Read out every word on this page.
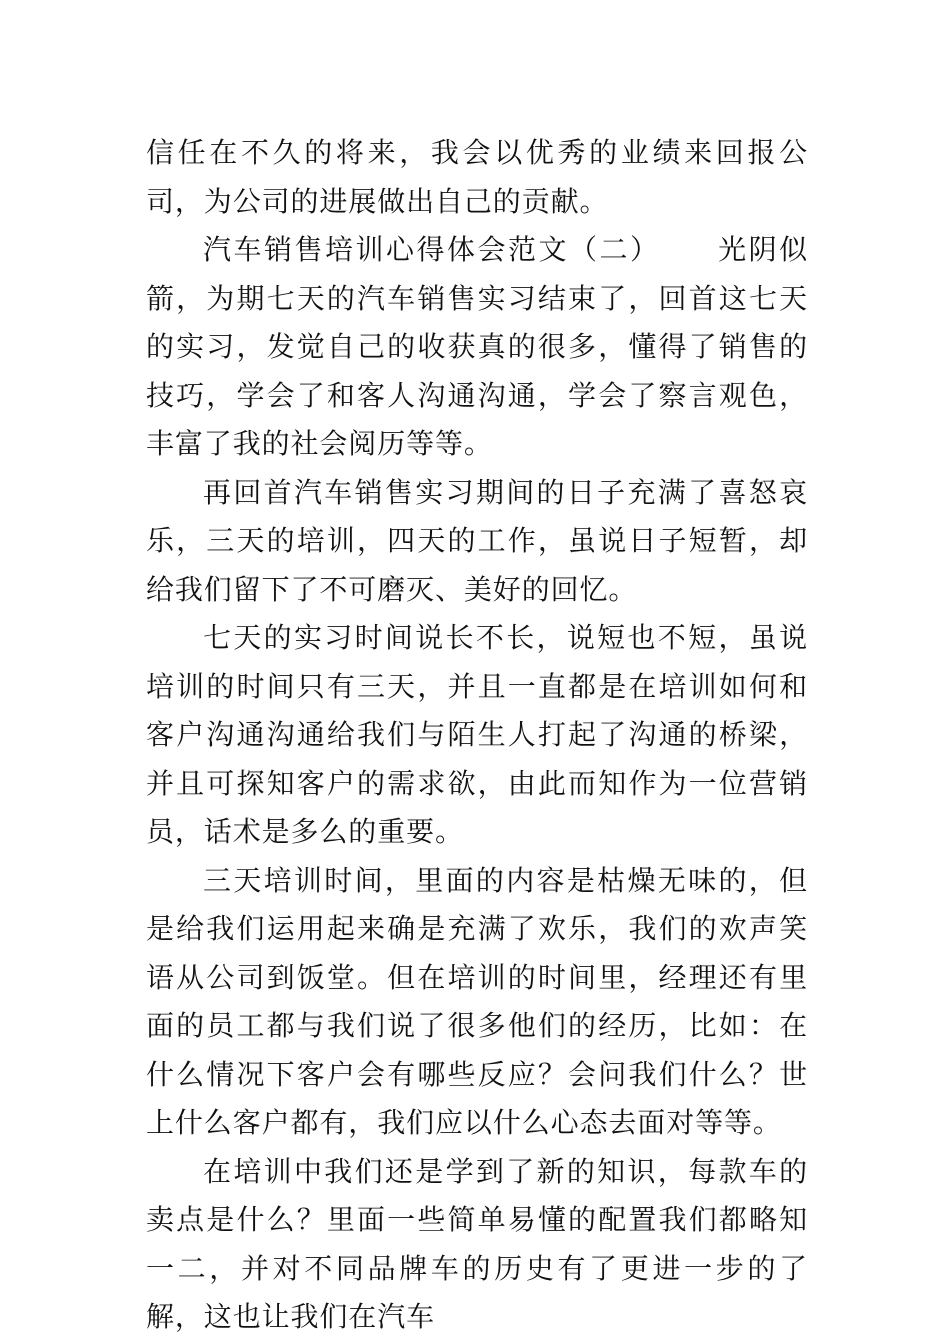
信任在不久的将来，我会以优秀的业绩来回报公司，为公司的进展做出自己的贡献。

汽车销售培训心得体会范文（二） 光阴似箭，为期七天的汽车销售实习结束了，回首这七天的实习，发觉自己的收获真的很多，懂得了销售的技巧，学会了和客人沟通沟通，学会了察言观色，丰富了我的社会阅历等等。

再回首汽车销售实习期间的日子充满了喜怒哀乐，三天的培训，四天的工作，虽说日子短暂，却给我们留下了不可磨灭、美好的回忆。

七天的实习时间说长不长，说短也不短，虽说培训的时间只有三天，并且一直都是在培训如何和客户沟通沟通给我们与陌生人打起了沟通的桥梁，并且可探知客户的需求欲，由此而知作为一位营销员，话术是多么的重要。

三天培训时间，里面的内容是枯燥无味的，但是给我们运用起来确是充满了欢乐，我们的欢声笑语从公司到饭堂。但在培训的时间里，经理还有里面的员工都与我们说了很多他们的经历，比如：在什么情况下客户会有哪些反应？会问我们什么？世上什么客户都有，我们应以什么心态去面对等等。

在培训中我们还是学到了新的知识，每款车的卖点是什么？里面一些简单易懂的配置我们都略知一二，并对不同品牌车的历史有了更进一步的了解，这也让我们在汽车
